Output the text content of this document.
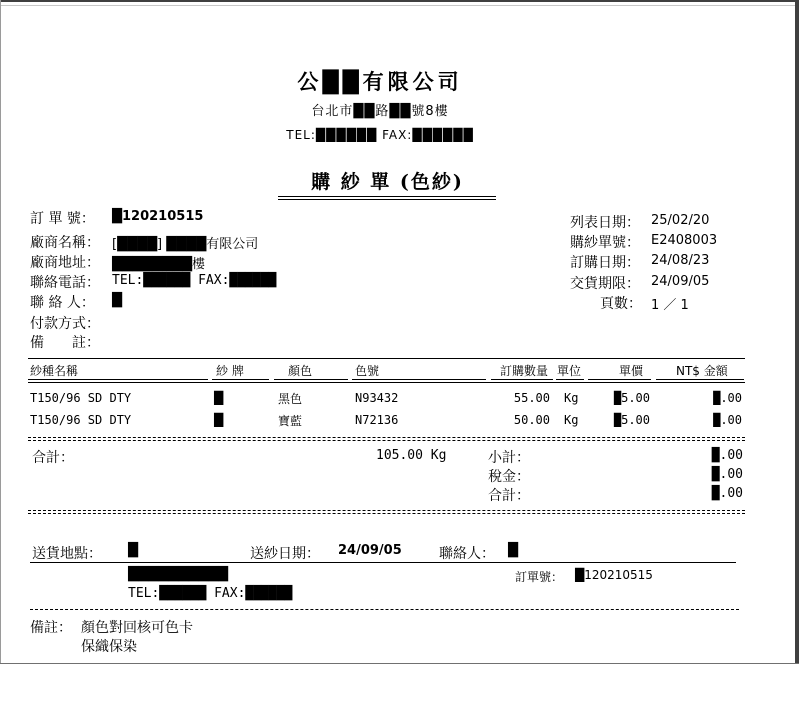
公██有限公司
台北市██路██號8樓
TEL:██████ FAX:██████
購 紗 單 (色紗)
訂 單 號： █120210515
廠商名稱： [████] ████有限公司
廠商地址： ████████樓
聯絡電話： TEL:██████ FAX:██████
聯 絡 人： █
付款方式：
備　　註：
列表日期： 25/02/20
購紗單號： E2408003
訂購日期： 24/08/23
交貨期限： 24/09/05
頁數： 1 ／ 1
紗種名稱	紗 牌	顏色	色號	訂購數量 單位	單價	NT$ 金額
T150/96 SD DTY	█	黑色	N93432	55.00 Kg	█5.00	█.00
T150/96 SD DTY	█	寶藍	N72136	50.00 Kg	█5.00	█.00
合計：	105.00 Kg	小計：	█.00
稅金：	█.00
合計：	█.00
送貨地點： █	送紗日期： 24/09/05	聯絡人： █
██████████
TEL:██████ FAX:██████
訂單號： █120210515
備註： 顏色對回核可色卡
保織保染
